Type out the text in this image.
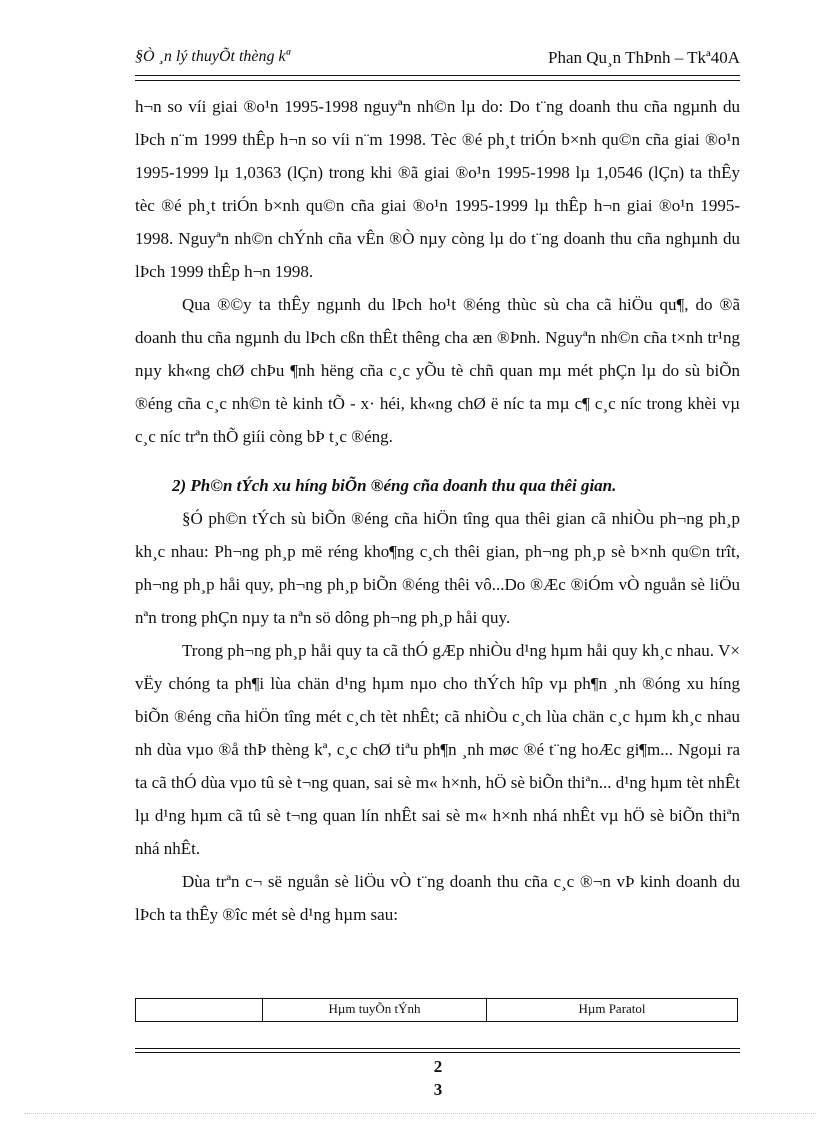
§Ò ¸n lý thuyÕt thèng kª	Phan Qu¸n ThÞnh – Tkª40A

h¬n so víi giai ®o¹n 1995-1998 nguyªn nh©n lµ do: Do t¨ng doanh thu cña ngµnh du lÞch n¨m 1999 thÊp h¬n so víi n¨m 1998. Tèc ®é ph¸t triÓn b×nh qu©n cña giai ®o¹n 1995-1999 lµ 1,0363 (lÇn) trong khi ®ã giai ®o¹n 1995-1998 lµ 1,0546 (lÇn) ta thÊy tèc ®é ph¸t triÓn b×nh qu©n cña giai ®o¹n 1995-1999 lµ thÊp h¬n giai ®o¹n 1995-1998. Nguyªn nh©n chÝnh cña vÊn ®Ò nµy còng lµ do t¨ng doanh thu cña nghµnh du lÞch 1999 thÊp h¬n 1998.

Qua ®©y ta thÊy ngµnh du lÞch ho¹t ®éng thùc sù cha cã hiÖu qu¶, do ®ã doanh thu cña ngµnh du lÞch cßn thÊt thêng cha æn ®Þnh. Nguyªn nh©n cña t×nh tr¹ng nµy kh«ng chØ chÞu ¶nh hëng cña c¸c yÕu tè chñ quan mµ mét phÇn lµ do sù biÕn ®éng cña c¸c nh©n tè kinh tÕ - x· héi, kh«ng chØ ë níc ta mµ c¶ c¸c níc trong khèi vµ c¸c níc trªn thÕ giíi còng bÞ t¸c ®éng.

2) Ph©n tÝch xu híng biÕn ®éng cña doanh thu qua thêi gian.

§Ó ph©n tÝch sù biÕn ®éng cña hiÖn tîng qua thêi gian cã nhiÒu ph¬ng ph¸p kh¸c nhau: Ph¬ng ph¸p më réng kho¶ng c¸ch thêi gian, ph¬ng ph¸p sè b×nh qu©n trît, ph¬ng ph¸p håi quy, ph¬ng ph¸p biÕn ®éng thêi vô...Do ®Æc ®iÓm vÒ nguån sè liÖu nªn trong phÇn nµy ta nªn sö dông ph¬ng ph¸p håi quy.

Trong ph¬ng ph¸p håi quy ta cã thÓ gÆp nhiÒu d¹ng hµm håi quy kh¸c nhau. V× vËy chóng ta ph¶i lùa chän d¹ng hµm nµo cho thÝch hîp vµ ph¶n ¸nh ®óng xu híng biÕn ®éng cña hiÖn tîng mét c¸ch tèt nhÊt; cã nhiÒu c¸ch lùa chän c¸c hµm kh¸c nhau nh dùa vµo ®å thÞ thèng kª, c¸c chØ tiªu ph¶n ¸nh møc ®é t¨ng hoÆc gi¶m... Ngoµi ra ta cã thÓ dùa vµo tû sè t¬ng quan, sai sè m« h×nh, hÖ sè biÕn thiªn... d¹ng hµm tèt nhÊt lµ d¹ng hµm cã tû sè t¬ng quan lín nhÊt sai sè m« h×nh nhá nhÊt vµ hÖ sè biÕn thiªn nhá nhÊt.

Dùa trªn c¬ së nguån sè liÖu vÒ t¨ng doanh thu cña c¸c ®¬n vÞ kinh doanh du lÞch ta thÊy ®îc mét sè d¹ng hµm sau:

Hµm tuyÕn tÝnh	Hµm Paratol
2
3
